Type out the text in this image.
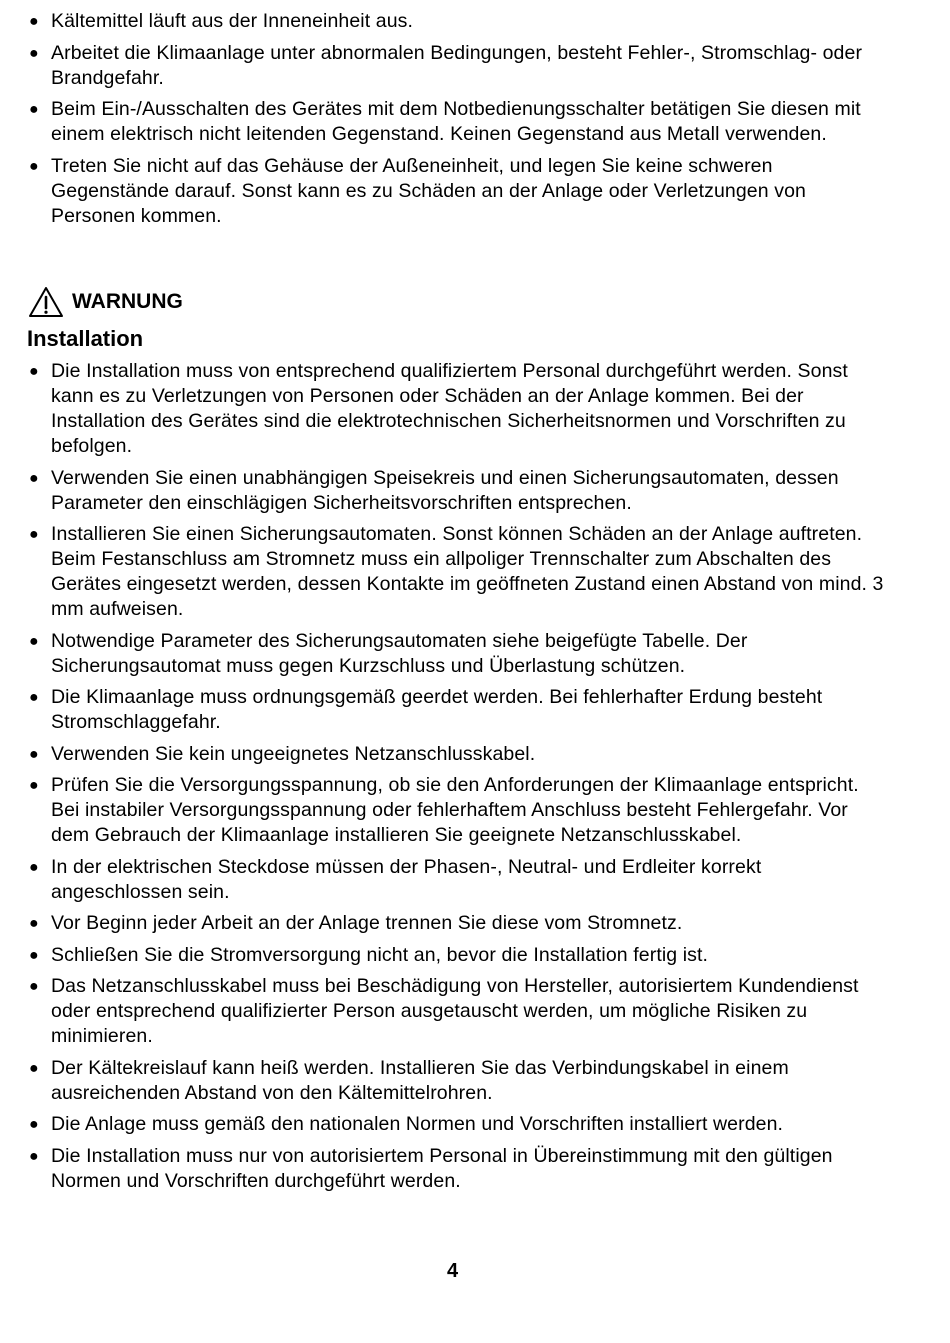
● Kältemittel läuft aus der Inneneinheit aus.
● Arbeitet die Klimaanlage unter abnormalen Bedingungen, besteht Fehler-, Stromschlag- oder Brandgefahr.
● Beim Ein-/Ausschalten des Gerätes mit dem Notbedienungsschalter betätigen Sie diesen mit einem elektrisch nicht leitenden Gegenstand. Keinen Gegenstand aus Metall verwenden.
● Treten Sie nicht auf das Gehäuse der Außeneinheit, und legen Sie keine schweren Gegenstände darauf. Sonst kann es zu Schäden an der Anlage oder Verletzungen von Personen kommen.
WARNUNG
Installation
● Die Installation muss von entsprechend qualifiziertem Personal durchgeführt werden. Sonst kann es zu Verletzungen von Personen oder Schäden an der Anlage kommen. Bei der Installation des Gerätes sind die elektrotechnischen Sicherheitsnormen und Vorschriften zu befolgen.
● Verwenden Sie einen unabhängigen Speisekreis und einen Sicherungsautomaten, dessen Parameter den einschlägigen Sicherheitsvorschriften entsprechen.
● Installieren Sie einen Sicherungsautomaten. Sonst können Schäden an der Anlage auftreten. Beim Festanschluss am Stromnetz muss ein allpoliger Trennschalter zum Abschalten des Gerätes eingesetzt werden, dessen Kontakte im geöffneten Zustand einen Abstand von mind. 3 mm aufweisen.
● Notwendige Parameter des Sicherungsautomaten siehe beigefügte Tabelle. Der Sicherungsautomat muss gegen Kurzschluss und Überlastung schützen.
● Die Klimaanlage muss ordnungsgemäß geerdet werden. Bei fehlerhafter Erdung besteht Stromschlaggefahr.
● Verwenden Sie kein ungeeignetes Netzanschlusskabel.
● Prüfen Sie die Versorgungsspannung, ob sie den Anforderungen der Klimaanlage entspricht. Bei instabiler Versorgungsspannung oder fehlerhaftem Anschluss besteht Fehlergefahr. Vor dem Gebrauch der Klimaanlage installieren Sie geeignete Netzanschlusskabel.
● In der elektrischen Steckdose müssen der Phasen-, Neutral- und Erdleiter korrekt angeschlossen sein.
● Vor Beginn jeder Arbeit an der Anlage trennen Sie diese vom Stromnetz.
● Schließen Sie die Stromversorgung nicht an, bevor die Installation fertig ist.
● Das Netzanschlusskabel muss bei Beschädigung von Hersteller, autorisiertem Kundendienst oder entsprechend qualifizierter Person ausgetauscht werden, um mögliche Risiken zu minimieren.
● Der Kältekreislauf kann heiß werden. Installieren Sie das Verbindungskabel in einem ausreichenden Abstand von den Kältemittelrohren.
● Die Anlage muss gemäß den nationalen Normen und Vorschriften installiert werden.
● Die Installation muss nur von autorisiertem Personal in Übereinstimmung mit den gültigen Normen und Vorschriften durchgeführt werden.
4
